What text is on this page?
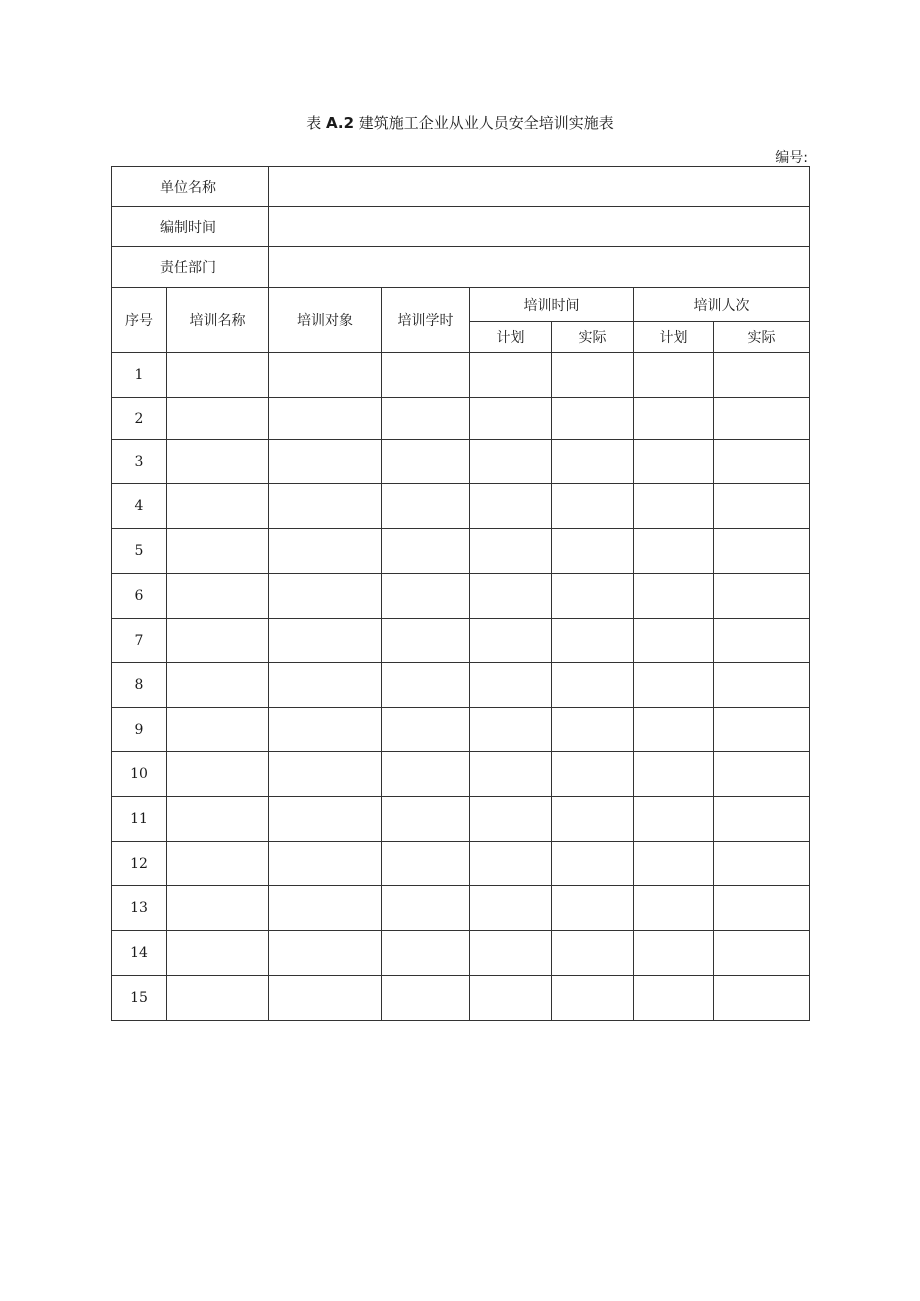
表 A.2 建筑施工企业从业人员安全培训实施表
编号:
单位名称							
编制时间							
责任部门							
序号	培训名称	培训对象	培训学时	培训时间		培训人次	
				计划	实际	计划	实际
1							
2							
3							
4							
5							
6							
7							
8							
9							
10							
11							
12							
13							
14							
15							
